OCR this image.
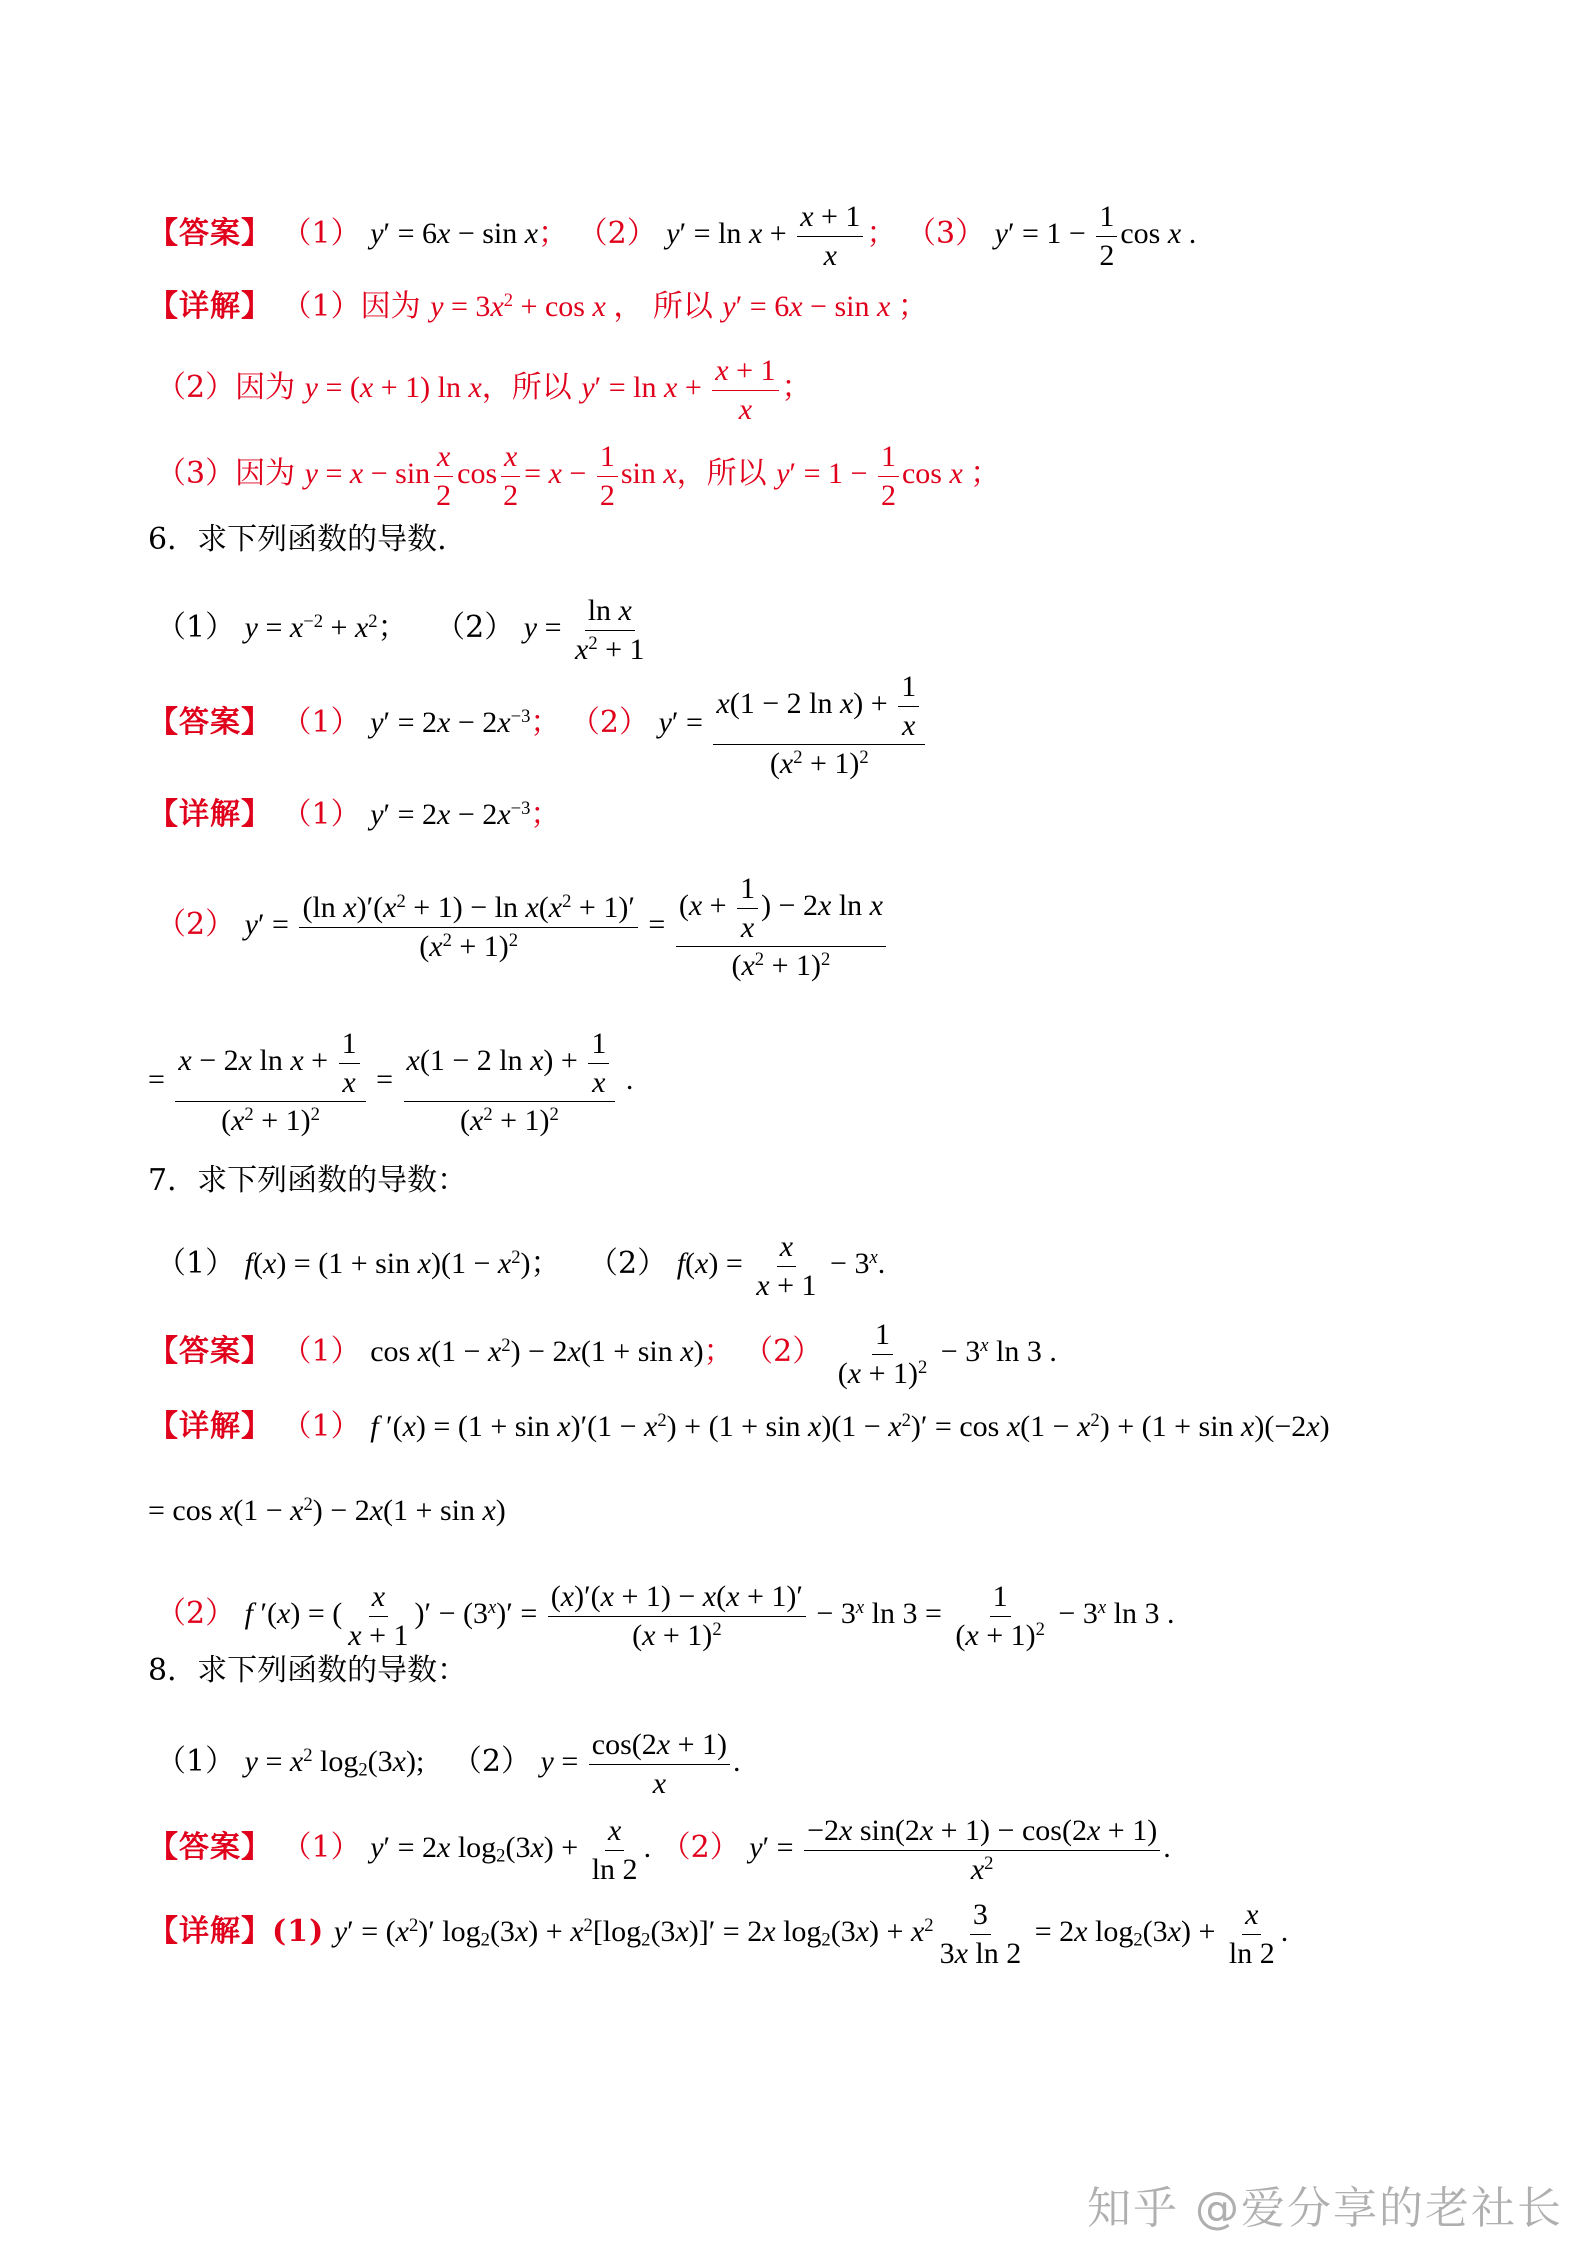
【答案】 （1） y′ = 6x − sin x； （2） $y' = \ln x + \frac{x + 1}{x}$ ； （3） $y' = 1 - \frac{1}{2}$ cos x .
【详解】 （1）因为 $y = 3x^2 + \cos x$ ， 所以 y′ = 6x − sin x ；
（2）因为 y = (x + 1) ln x，所以 $y' = \ln x + \frac{x + 1}{x}$ ；
（3）因为 $y = x - \sin \frac{x}{2}$ $\cos \frac{x}{2} = x - \frac{1}{2}$ sin x，所以 $y' = 1 - \frac{1}{2}$ cos x ；
6．求下列函数的导数.
（1） $y = x^{-2} + x^2$； （2） $y = \frac{\text{ln x}}{x^2 + 1}$
【答案】 （1） $y' = 2x - 2x^{-3}$； （2） $y' = \frac{x(1 - 2 \ln x) + \frac{1}{x}}{(x^2 + 1)^2}$
【详解】 （1） $y' = 2x - 2x^{-3}$；
（2） $y' = \frac{(\ln x)'(x^2 + 1) - \ln x(x^2 + 1)'}{(x^2 + 1)^2} = \frac{(x + \frac{1}{x} ) - 2x \ln x}{(x^2 + 1)^2}$
= $\frac{x - 2x \ln x + \frac{1}{x}}{(x^2 + 1)^2} = \frac{x(1 - 2 \ln x) + \frac{1}{x}}{(x^2 + 1)^2}$ .
7．求下列函数的导数：
（1） $f(x) = (1 + \sin x)(1 - x^2)$； （2） $f(x) = \frac{x}{x + 1} - 3^x$.
【答案】 （1） $\cos x(1 - x^2) - 2x(1 + \sin x)$； $(2) \frac{1}{(x + 1)^2} - 3^x$ ln 3 .
【详解】 （1） f $'(x) = (1 + \sin x)'(1 - x^2) + (1 + \sin x)(1 - x^2)' = \cos x(1 - x^2) + (1 + \sin x)(-2x)$
= $\cos x(1 - x^2) - 2x(1 + \sin x)$
（2） f ′(x) = ( $\frac{x}{x + 1}$ )′ − $(3^x)' = \frac{(x)'(x + 1) - x(x + 1)'}{(x + 1)^2} - 3^x$ $\ln 3 = \frac{1}{(x + 1)^2} - 3^x$ ln 3 .
8．求下列函数的导数：
（1） $y = x^2$ $\log_2(3x)$; （2） $y = \frac{\cos(2x + 1)}{x}$ .
【答案】 （1） y′ = 2x $\log_2(3x) + \frac{x}{\ln 2}$ . （2） $y' = \frac{\text{−2x sin(2x + 1) − cos(2x + 1)}}{x^2}$ .
【详解】(1) $y' = (x^2)'$ $\log_2(3x) + x^2[\log_2(3x)]' = 2x$ $\log_2(3x) + x^2 \frac{3}{\text{3x ln 2}} = 2x$ $\log_2(3x) + \frac{x}{\ln 2}$ .
知乎 @爱分享的老社长
